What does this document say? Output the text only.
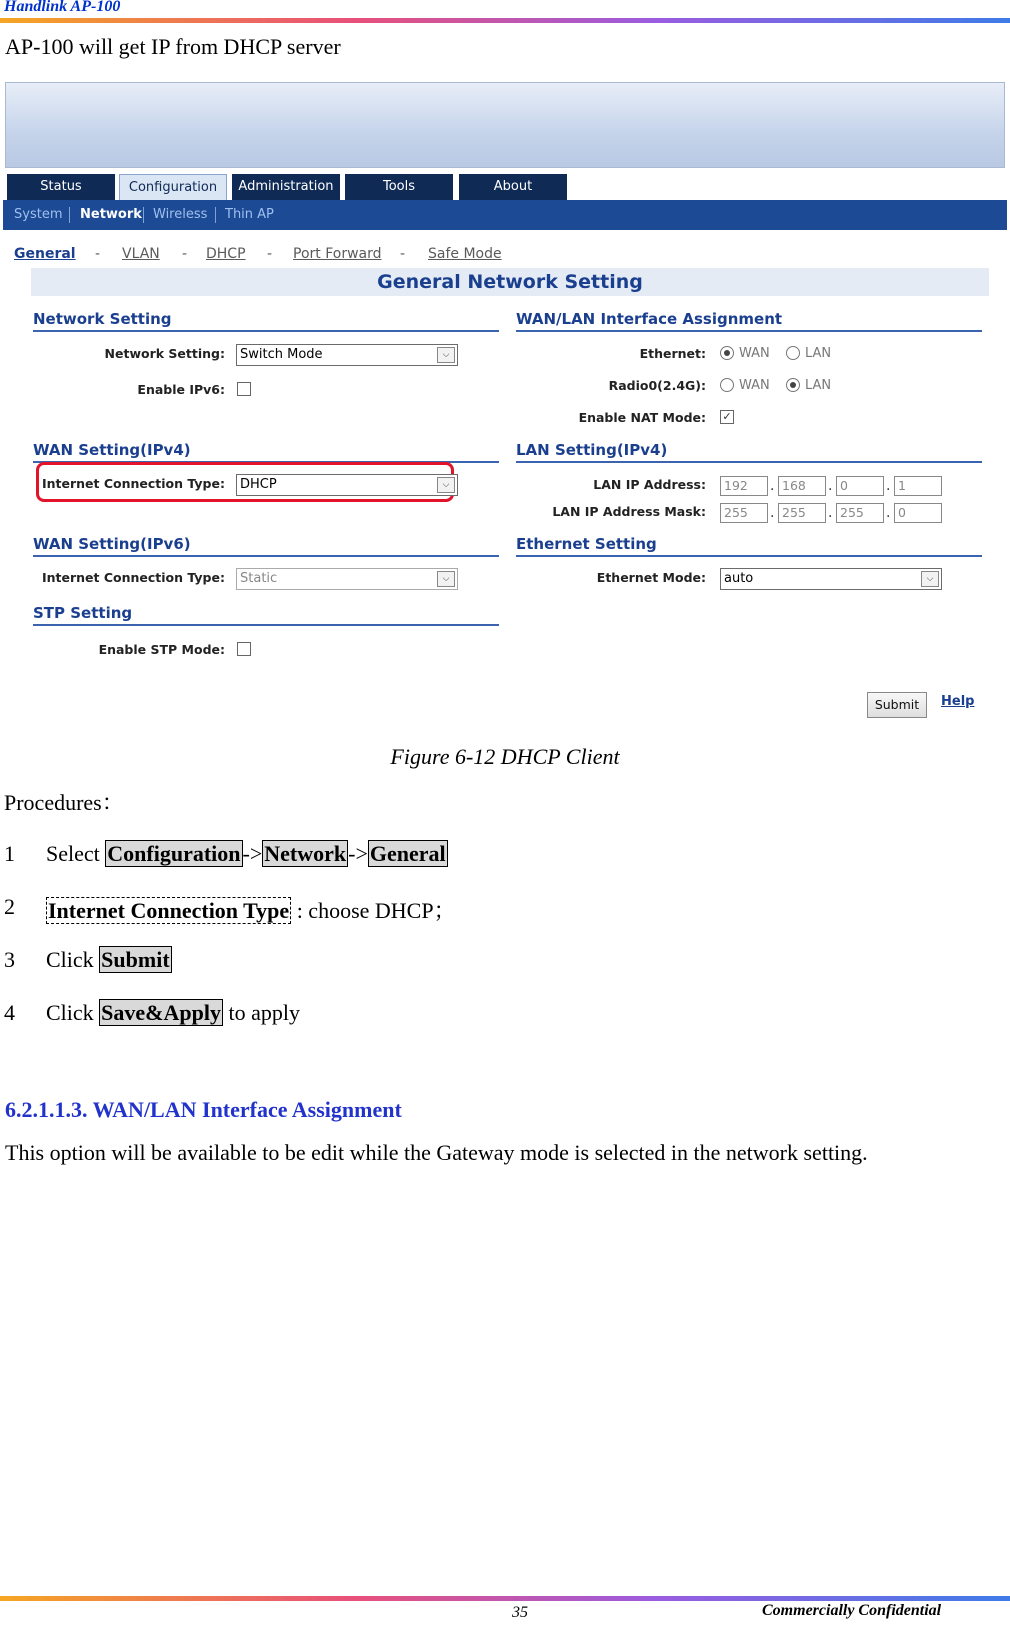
Handlink AP-100
AP-100 will get IP from DHCP server
Status	Configuration	Administration	Tools	About
System Network Wireless Thin AP
General - VLAN - DHCP - Port Forward - Safe Mode
General Network Setting
Network Setting
Network Setting:	Switch Mode	⌵
Enable IPv6:
WAN Setting(IPv4)
Internet Connection Type:	DHCP	⌵
WAN Setting(IPv6)
Internet Connection Type:	Static	⌵
STP Setting
Enable STP Mode:
WAN/LAN Interface Assignment
Ethernet:	WAN	LAN
Radio0(2.4G):	WAN	LAN
Enable NAT Mode: ✓
LAN Setting(IPv4)
LAN IP Address:	192	. 168	. 0	. 1
LAN IP Address Mask:	255	. 255	. 255	. 0
Ethernet Setting
Ethernet Mode:	auto	⌵
Submit	Help
Figure 6-12 DHCP Client
Procedures：
1 Select Configuration->Network->General
2 Internet Connection Type : choose DHCP；
3 Click Submit
4 Click Save&Apply to apply
6.2.1.1.3. WAN/LAN Interface Assignment
This option will be available to be edit while the Gateway mode is selected in the network setting.
35	Commercially Confidential
